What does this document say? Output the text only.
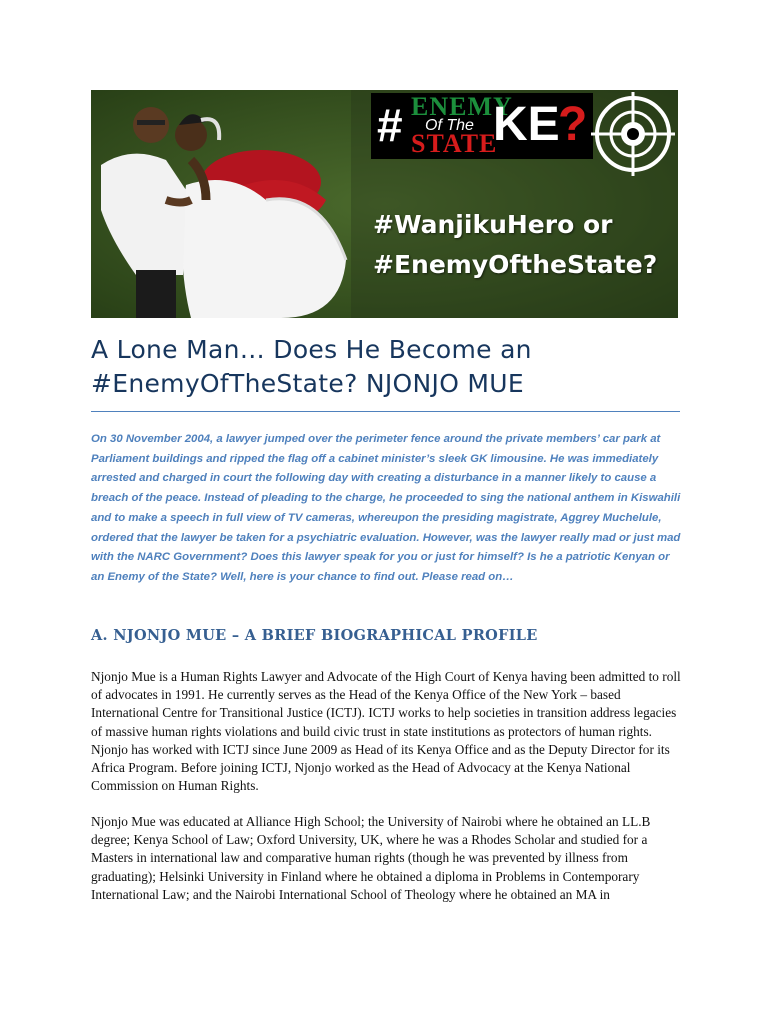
# ENEMY
Of The
STATE
KE
?
#WanjikuHero or
#EnemyOftheState?
A Lone Man… Does He Become an
#EnemyOfTheState? NJONJO MUE

On 30 November 2004, a lawyer jumped over the perimeter fence around the private members’ car park at Parliament buildings and ripped the flag off a cabinet minister’s sleek GK limousine. He was immediately arrested and charged in court the following day with creating a disturbance in a manner likely to cause a breach of the peace. Instead of pleading to the charge, he proceeded to sing the national anthem in Kiswahili and to make a speech in full view of TV cameras, whereupon the presiding magistrate, Aggrey Muchelule, ordered that the lawyer be taken for a psychiatric evaluation. However, was the lawyer really mad or just mad with the NARC Government? Does this lawyer speak for you or just for himself? Is he a patriotic Kenyan or an Enemy of the State? Well, here is your chance to find out. Please read on…

A. NJONJO MUE – A BRIEF BIOGRAPHICAL PROFILE

Njonjo Mue is a Human Rights Lawyer and Advocate of the High Court of Kenya having been admitted to roll of advocates in 1991. He currently serves as the Head of the Kenya Office of the New York – based International Centre for Transitional Justice (ICTJ). ICTJ works to help societies in transition address legacies of massive human rights violations and build civic trust in state institutions as protectors of human rights. Njonjo has worked with ICTJ since June 2009 as Head of its Kenya Office and as the Deputy Director for its Africa Program. Before joining ICTJ, Njonjo worked as the Head of Advocacy at the Kenya National Commission on Human Rights.

Njonjo Mue was educated at Alliance High School; the University of Nairobi where he obtained an LL.B degree; Kenya School of Law; Oxford University, UK, where he was a Rhodes Scholar and studied for a Masters in international law and comparative human rights (though he was prevented by illness from graduating); Helsinki University in Finland where he obtained a diploma in Problems in Contemporary International Law; and the Nairobi International School of Theology where he obtained an MA in
